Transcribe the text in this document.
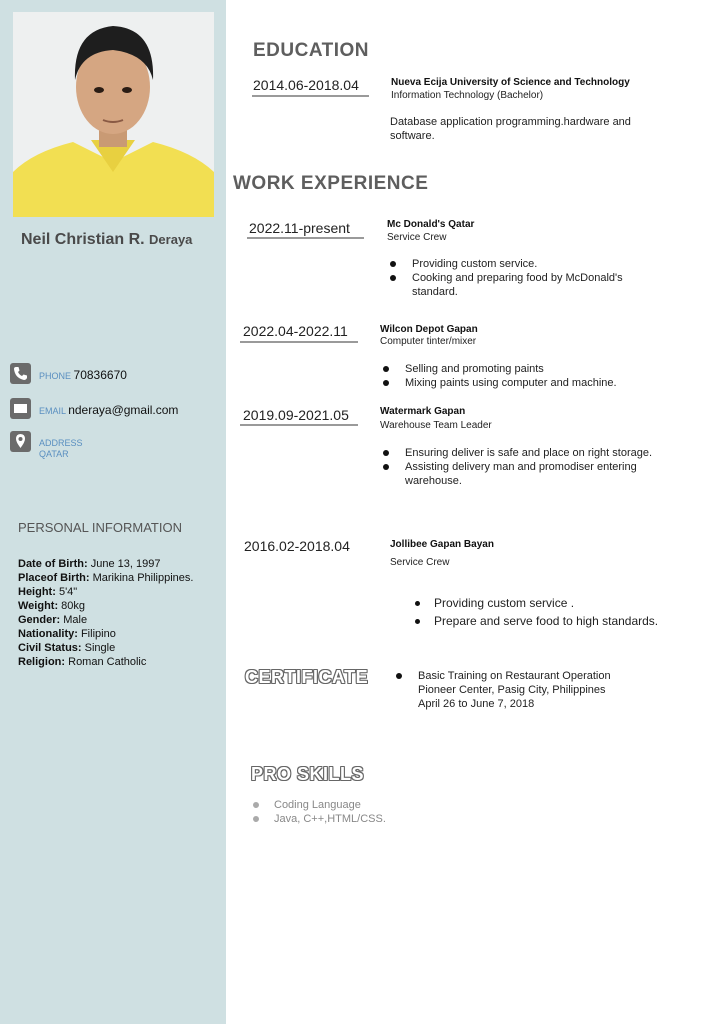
Neil Christian R. Deraya
PHONE 70836670
EMAIL nderaya@gmail.com
ADDRESS
QATAR
PERSONAL INFORMATION
Date of Birth: June 13, 1997
Placeof Birth: Marikina Philippines.
Height: 5'4"
Weight: 80kg
Gender: Male
Nationality: Filipino
Civil Status: Single
Religion: Roman Catholic
EDUCATION
2014.06-2018.04	Nueva Ecija University of Science and Technology
Information Technology (Bachelor)
Database application programming.hardware and software.
WORK EXPERIENCE
2022.11-present	Mc Donald's Qatar
Service Crew
Providing custom service.
Cooking and preparing food by McDonald's standard.
2022.04-2022.11	Wilcon Depot Gapan
Computer tinter/mixer
Selling and promoting paints
Mixing paints using computer and machine.
2019.09-2021.05	Watermark Gapan
Warehouse Team Leader
Ensuring deliver is safe and place on right storage.
Assisting delivery man and promodiser entering warehouse.
2016.02-2018.04	Jollibee Gapan Bayan
Service Crew
Providing custom service .
Prepare and serve food to high standards.
CERTIFICATE	Basic Training on Restaurant Operation
Pioneer Center, Pasig City, Philippines
April 26 to June 7, 2018
PRO SKILLS
Coding Language
Java, C++,HTML/CSS.
